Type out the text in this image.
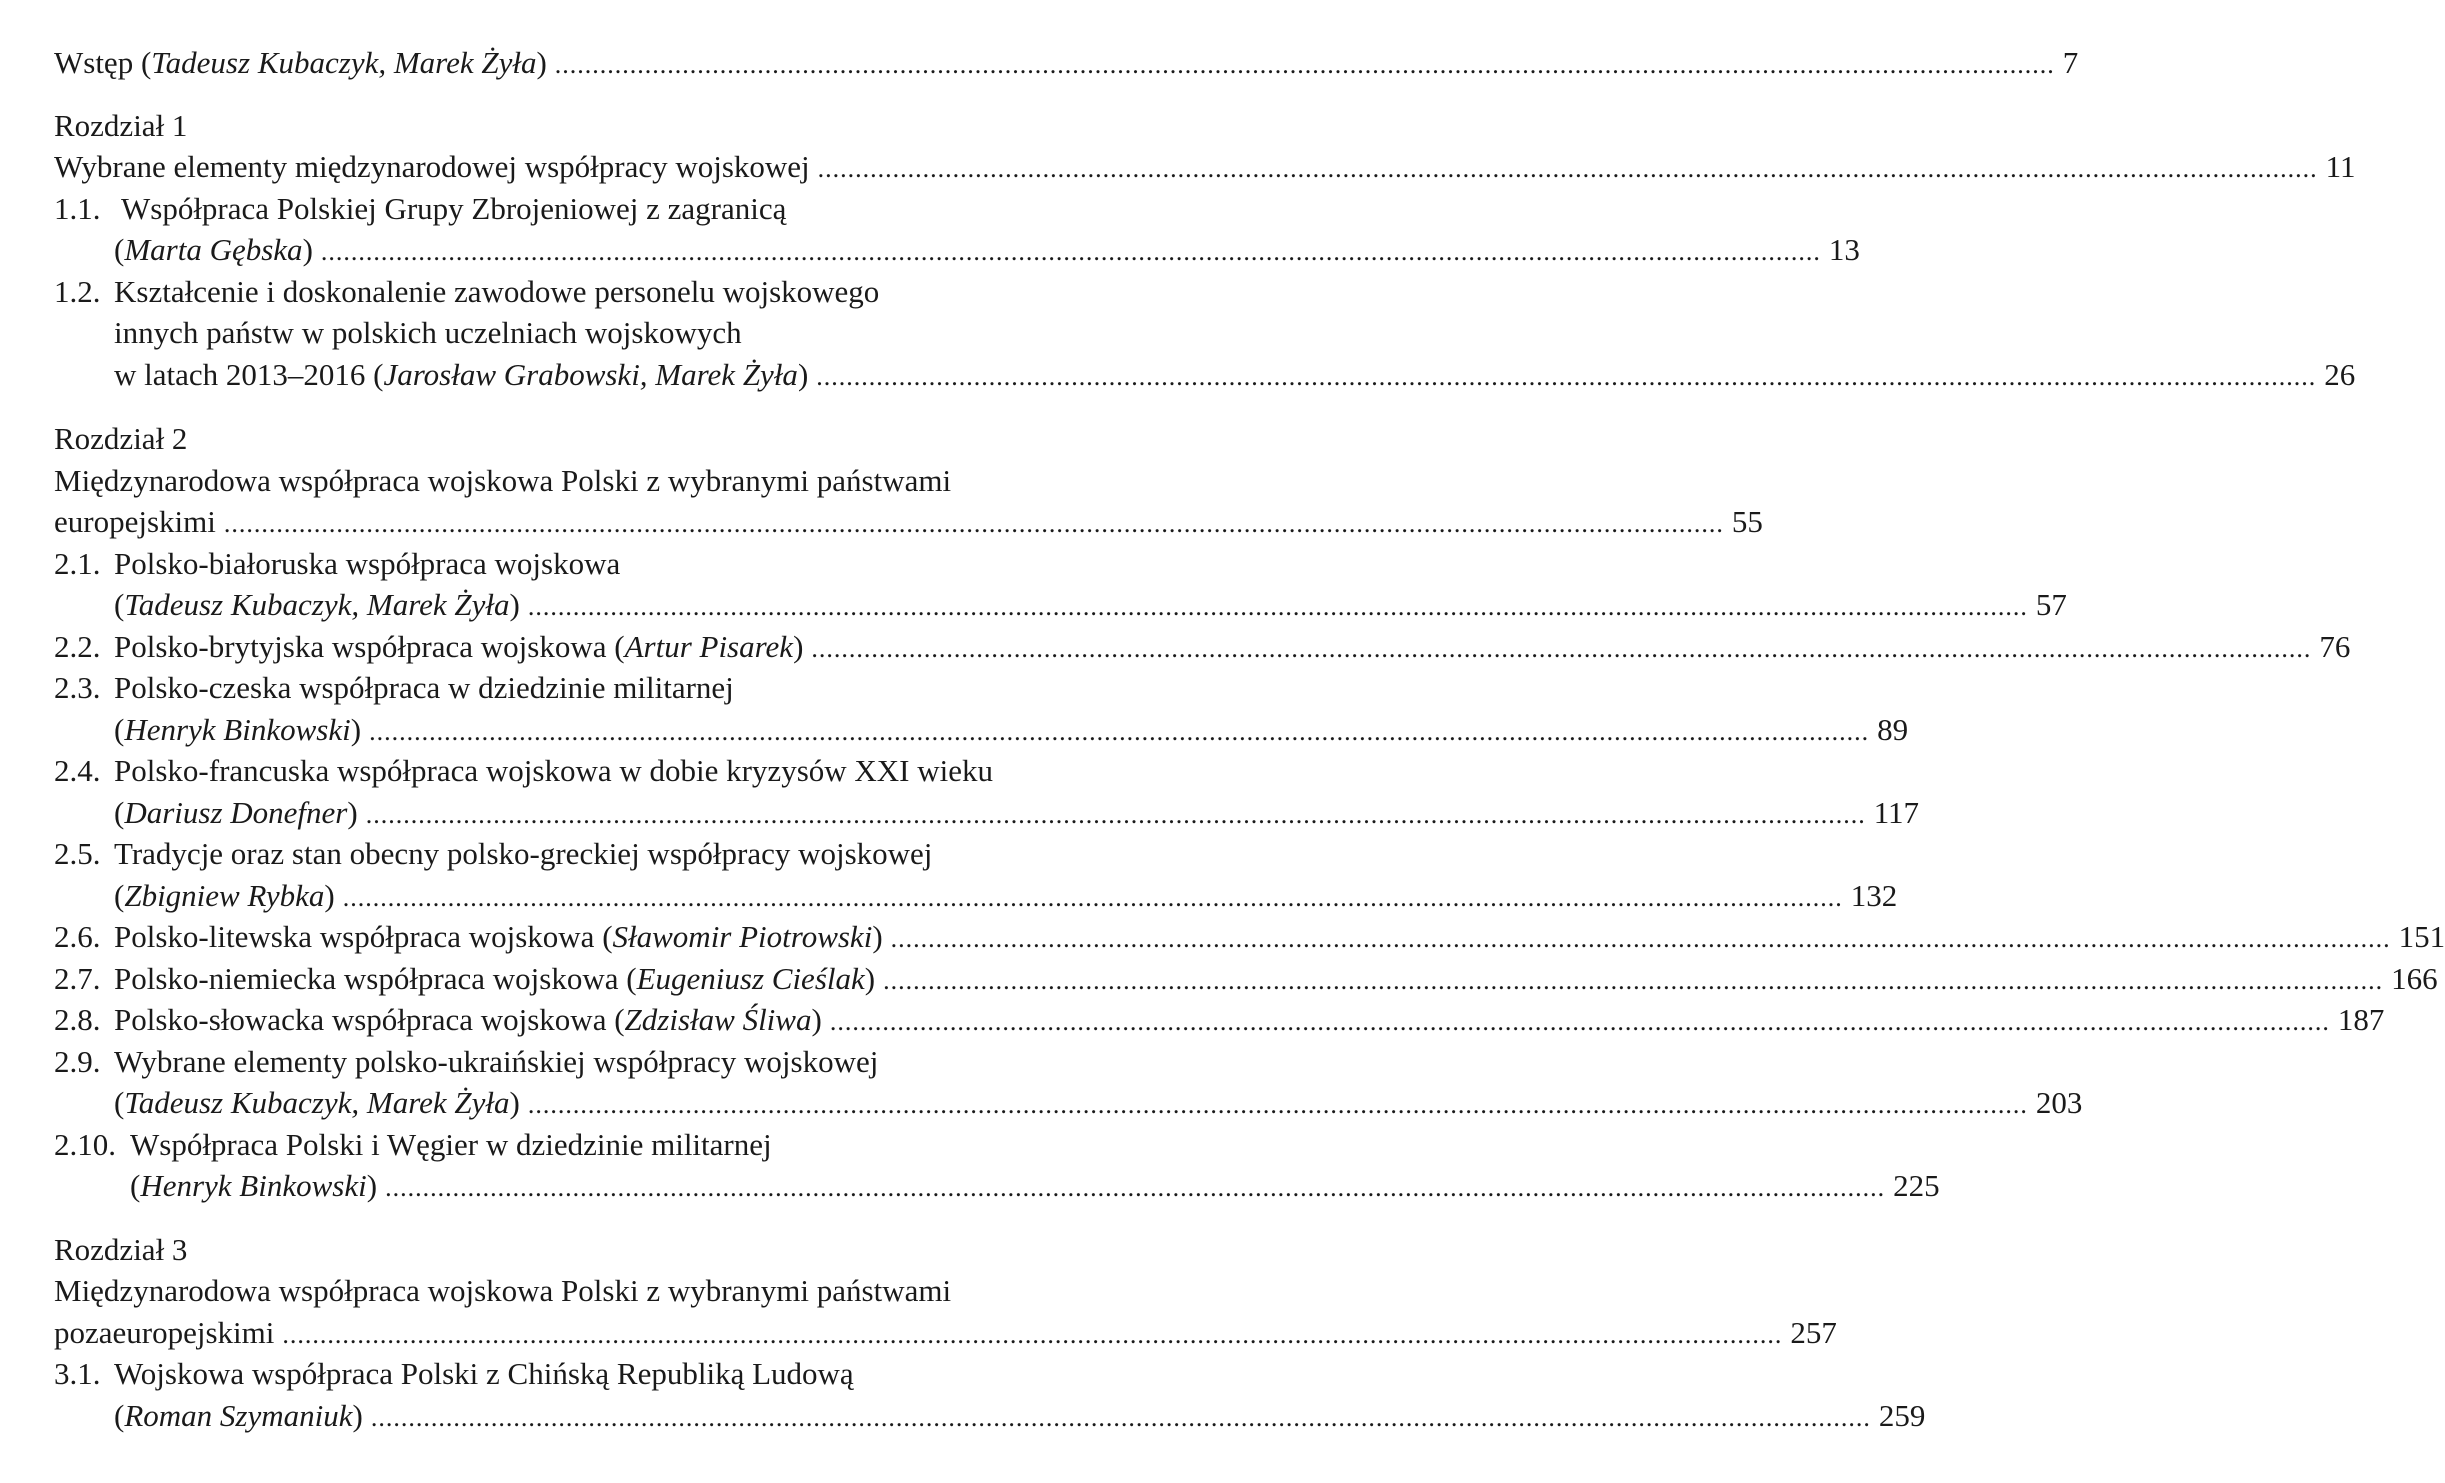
Wstęp (Tadeusz Kubaczyk, Marek Żyła) ........................................................................................................................................................................................................ 7
Rozdział 1
Wybrane elementy międzynarodowej współpracy wojskowej ........................................................................................................................................................................................................ 11
1.1. Współpraca Polskiej Grupy Zbrojeniowej z zagranicą
(Marta Gębska) ........................................................................................................................................................................................................ 13
1.2. Kształcenie i doskonalenie zawodowe personelu wojskowego
innych państw w polskich uczelniach wojskowych
w latach 2013–2016 (Jarosław Grabowski, Marek Żyła) ........................................................................................................................................................................................................ 26
Rozdział 2
Międzynarodowa współpraca wojskowa Polski z wybranymi państwami
europejskimi ........................................................................................................................................................................................................ 55
2.1. Polsko-białoruska współpraca wojskowa
(Tadeusz Kubaczyk, Marek Żyła) ........................................................................................................................................................................................................ 57
2.2. Polsko-brytyjska współpraca wojskowa (Artur Pisarek) ........................................................................................................................................................................................................ 76
2.3. Polsko-czeska współpraca w dziedzinie militarnej
(Henryk Binkowski) ........................................................................................................................................................................................................ 89
2.4. Polsko-francuska współpraca wojskowa w dobie kryzysów XXI wieku
(Dariusz Donefner) ........................................................................................................................................................................................................ 117
2.5. Tradycje oraz stan obecny polsko-greckiej współpracy wojskowej
(Zbigniew Rybka) ........................................................................................................................................................................................................ 132
2.6. Polsko-litewska współpraca wojskowa (Sławomir Piotrowski) ........................................................................................................................................................................................................ 151
2.7. Polsko-niemiecka współpraca wojskowa (Eugeniusz Cieślak) ........................................................................................................................................................................................................ 166
2.8. Polsko-słowacka współpraca wojskowa (Zdzisław Śliwa) ........................................................................................................................................................................................................ 187
2.9. Wybrane elementy polsko-ukraińskiej współpracy wojskowej
(Tadeusz Kubaczyk, Marek Żyła) ........................................................................................................................................................................................................ 203
2.10. Współpraca Polski i Węgier w dziedzinie militarnej
(Henryk Binkowski) ........................................................................................................................................................................................................ 225
Rozdział 3
Międzynarodowa współpraca wojskowa Polski z wybranymi państwami
pozaeuropejskimi ........................................................................................................................................................................................................ 257
3.1. Wojskowa współpraca Polski z Chińską Republiką Ludową
(Roman Szymaniuk) ........................................................................................................................................................................................................ 259
